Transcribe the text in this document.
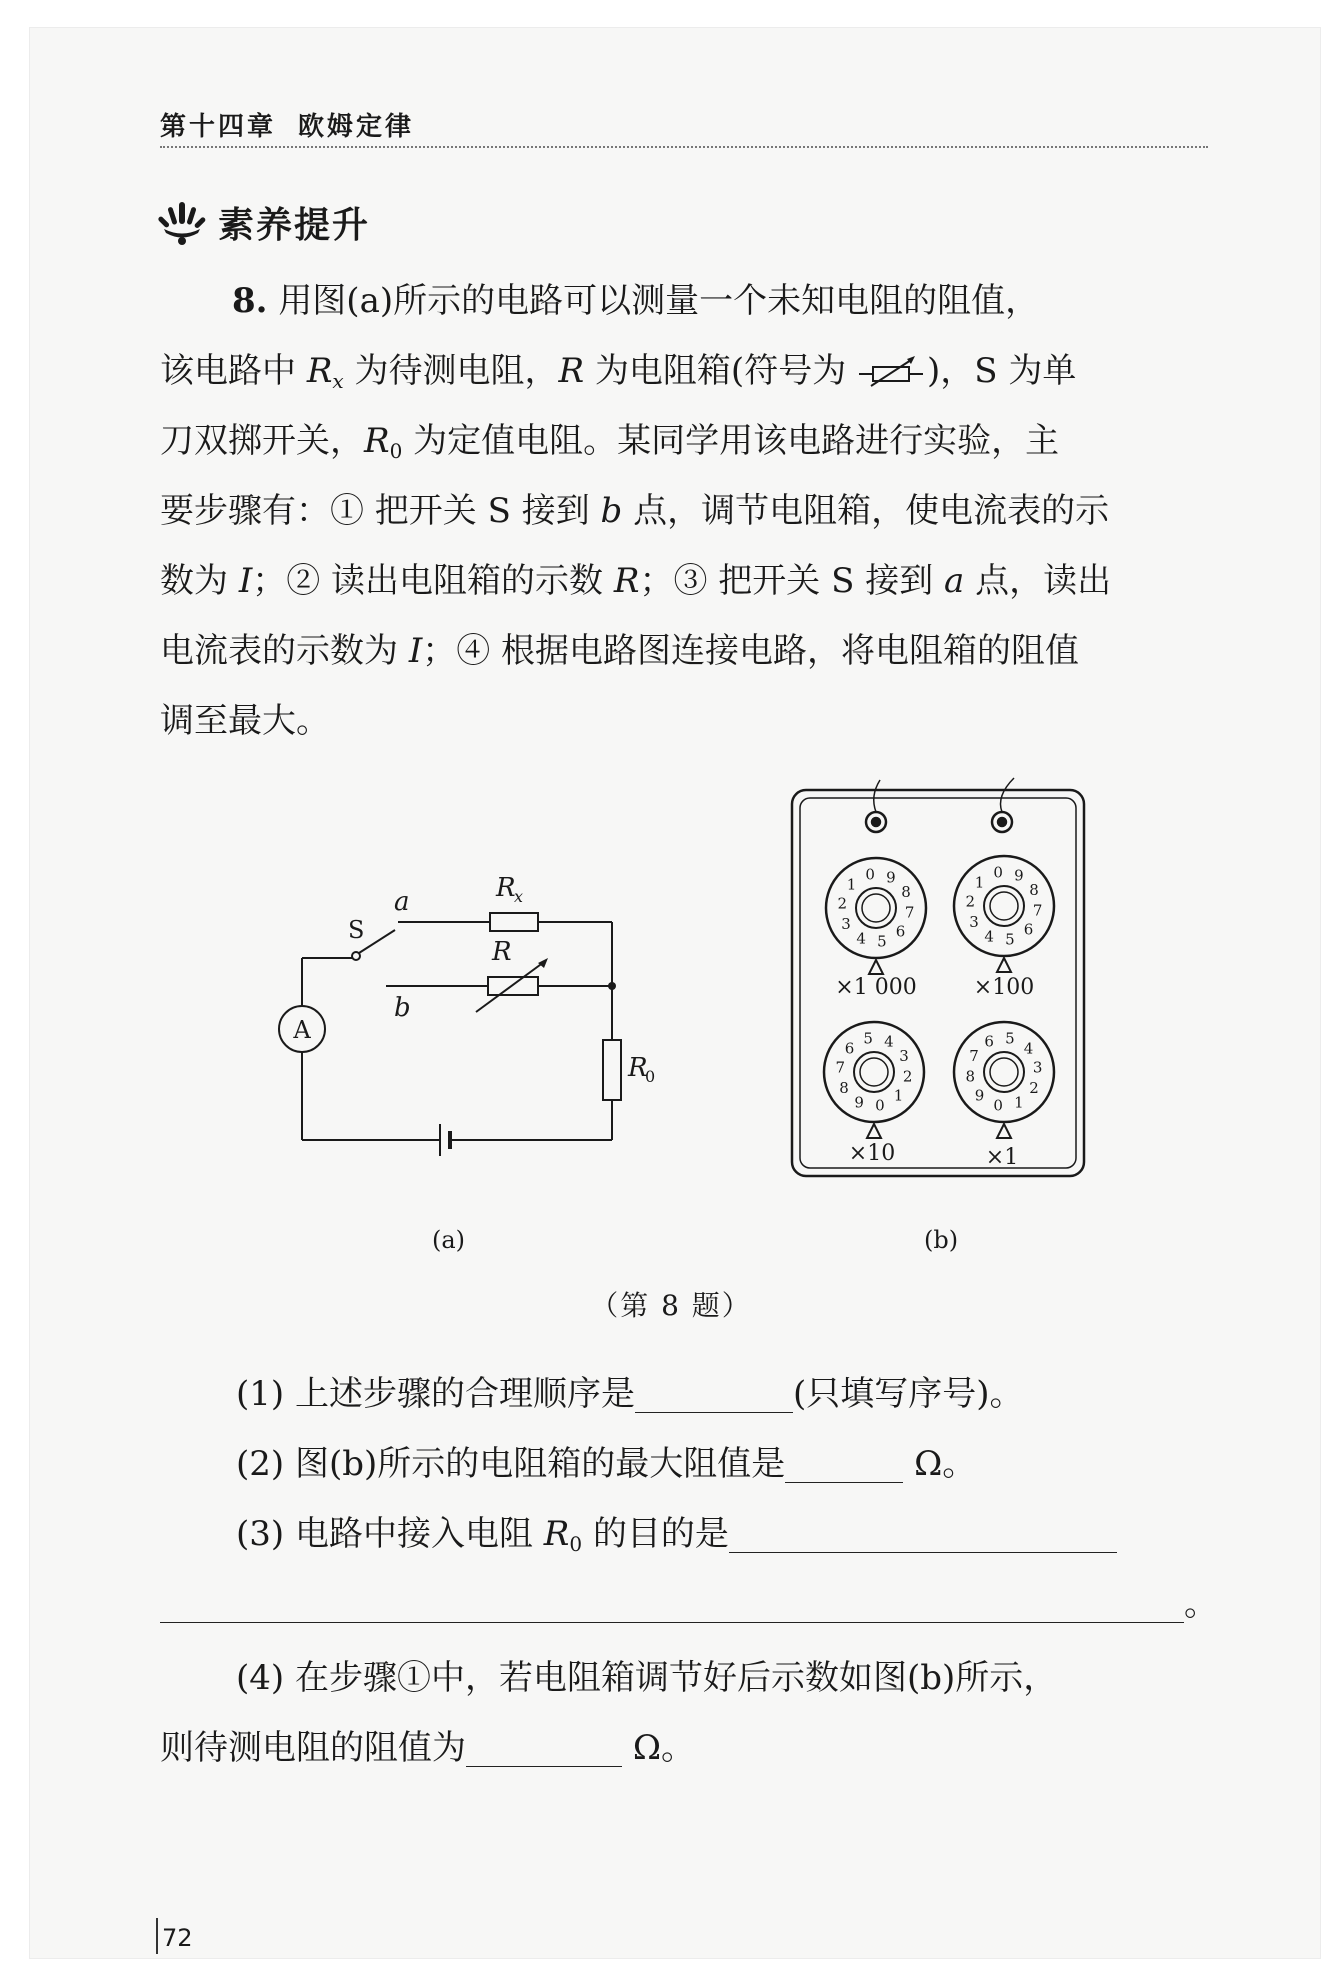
第十四章 欧姆定律
素养提升

8. 用图(a)所示的电路可以测量一个未知电阻的阻值，

该电路中 $R_x$ 为待测电阻，R 为电阻箱(符号为 )，S 为单

刀双掷开关，$R_0$ 为定值电阻。某同学用该电路进行实验，主

要步骤有：① 把开关 S 接到 b 点，调节电阻箱，使电流表的示

数为 I；② 读出电阻箱的示数 R；③ 把开关 S 接到 a 点，读出

电流表的示数为 I；④ 根据电路图连接电路，将电阻箱的阻值

调至最大。

A
S
a
b
R
x
R
R
0
0
1
2
3
4 5
6
7
8
9	0
1
2
3
4 5
6
7
8
9
0
1
2
3
4
5
6
7
8
9	0 1
2
3
4
5
6
7
8
9
×1 000	×100
×10	×1
(a)	(b)
（第 8 题）
(1) 上述步骤的合理顺序是	(只填写序号)。
(2) 图(b)所示的电阻箱的最大阻值是	Ω。
(3) 电路中接入电阻 $R_0$ 的目的是
。
(4) 在步骤①中，若电阻箱调节好后示数如图(b)所示，
则待测电阻的阻值为	Ω。
72
